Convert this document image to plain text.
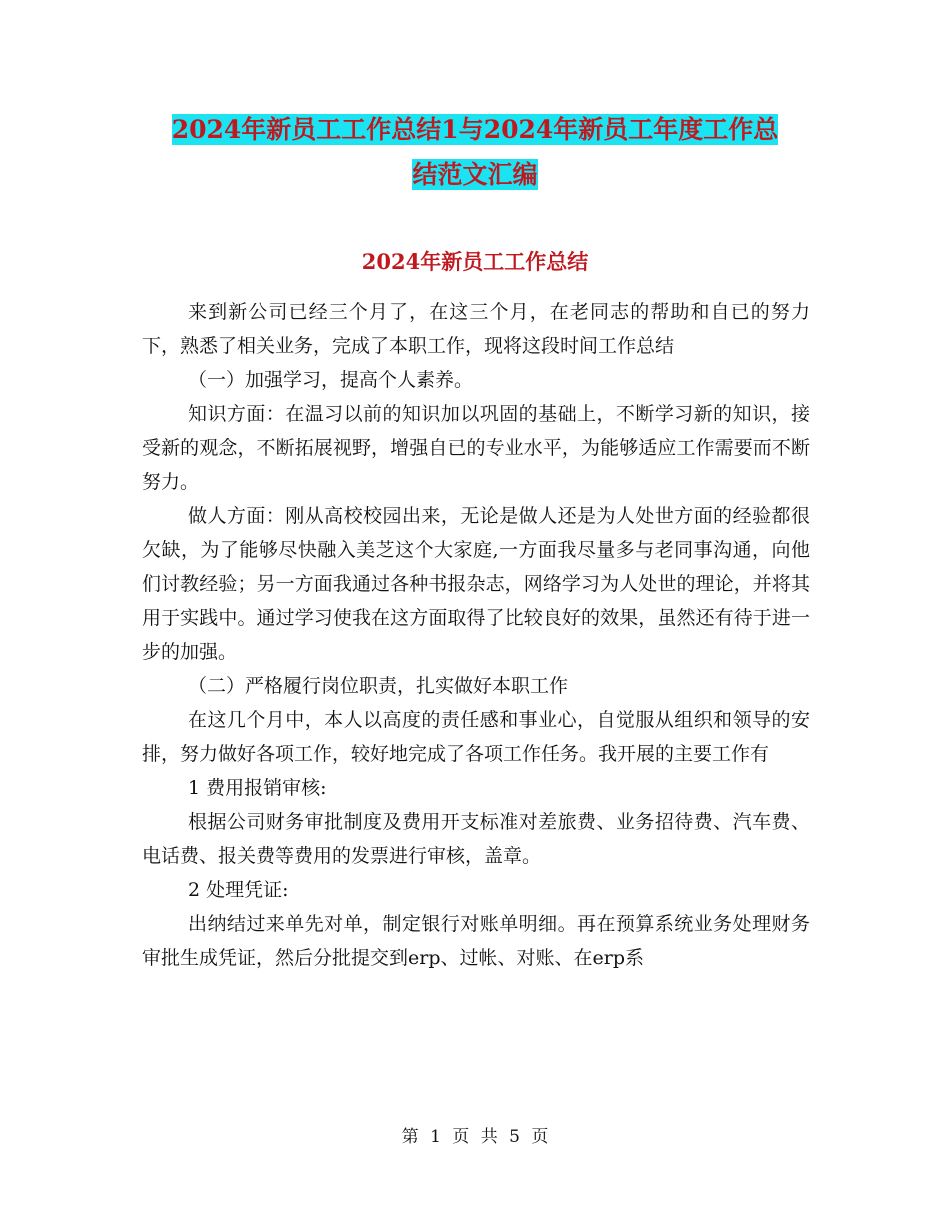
2024年新员工工作总结1与2024年新员工年度工作总
结范文汇编
2024年新员工工作总结

来到新公司已经三个月了，在这三个月，在老同志的帮助和自已的努力下，熟悉了相关业务，完成了本职工作，现将这段时间工作总结

（一）加强学习，提高个人素养。

知识方面：在温习以前的知识加以巩固的基础上，不断学习新的知识，接受新的观念，不断拓展视野，增强自已的专业水平，为能够适应工作需要而不断努力。

做人方面：刚从高校校园出来，无论是做人还是为人处世方面的经验都很欠缺，为了能够尽快融入美芝这个大家庭,一方面我尽量多与老同事沟通，向他们讨教经验；另一方面我通过各种书报杂志，网络学习为人处世的理论，并将其用于实践中。通过学习使我在这方面取得了比较良好的效果，虽然还有待于进一步的加强。

（二）严格履行岗位职责，扎实做好本职工作

在这几个月中，本人以高度的责任感和事业心，自觉服从组织和领导的安排，努力做好各项工作，较好地完成了各项工作任务。我开展的主要工作有

1 费用报销审核:

根据公司财务审批制度及费用开支标准对差旅费、业务招待费、汽车费、电话费、报关费等费用的发票进行审核，盖章。

2 处理凭证:

出纳结过来单先对单，制定银行对账单明细。再在预算系统业务处理财务审批生成凭证，然后分批提交到erp、过帐、对账、在erp系

第 1 页 共 5 页
